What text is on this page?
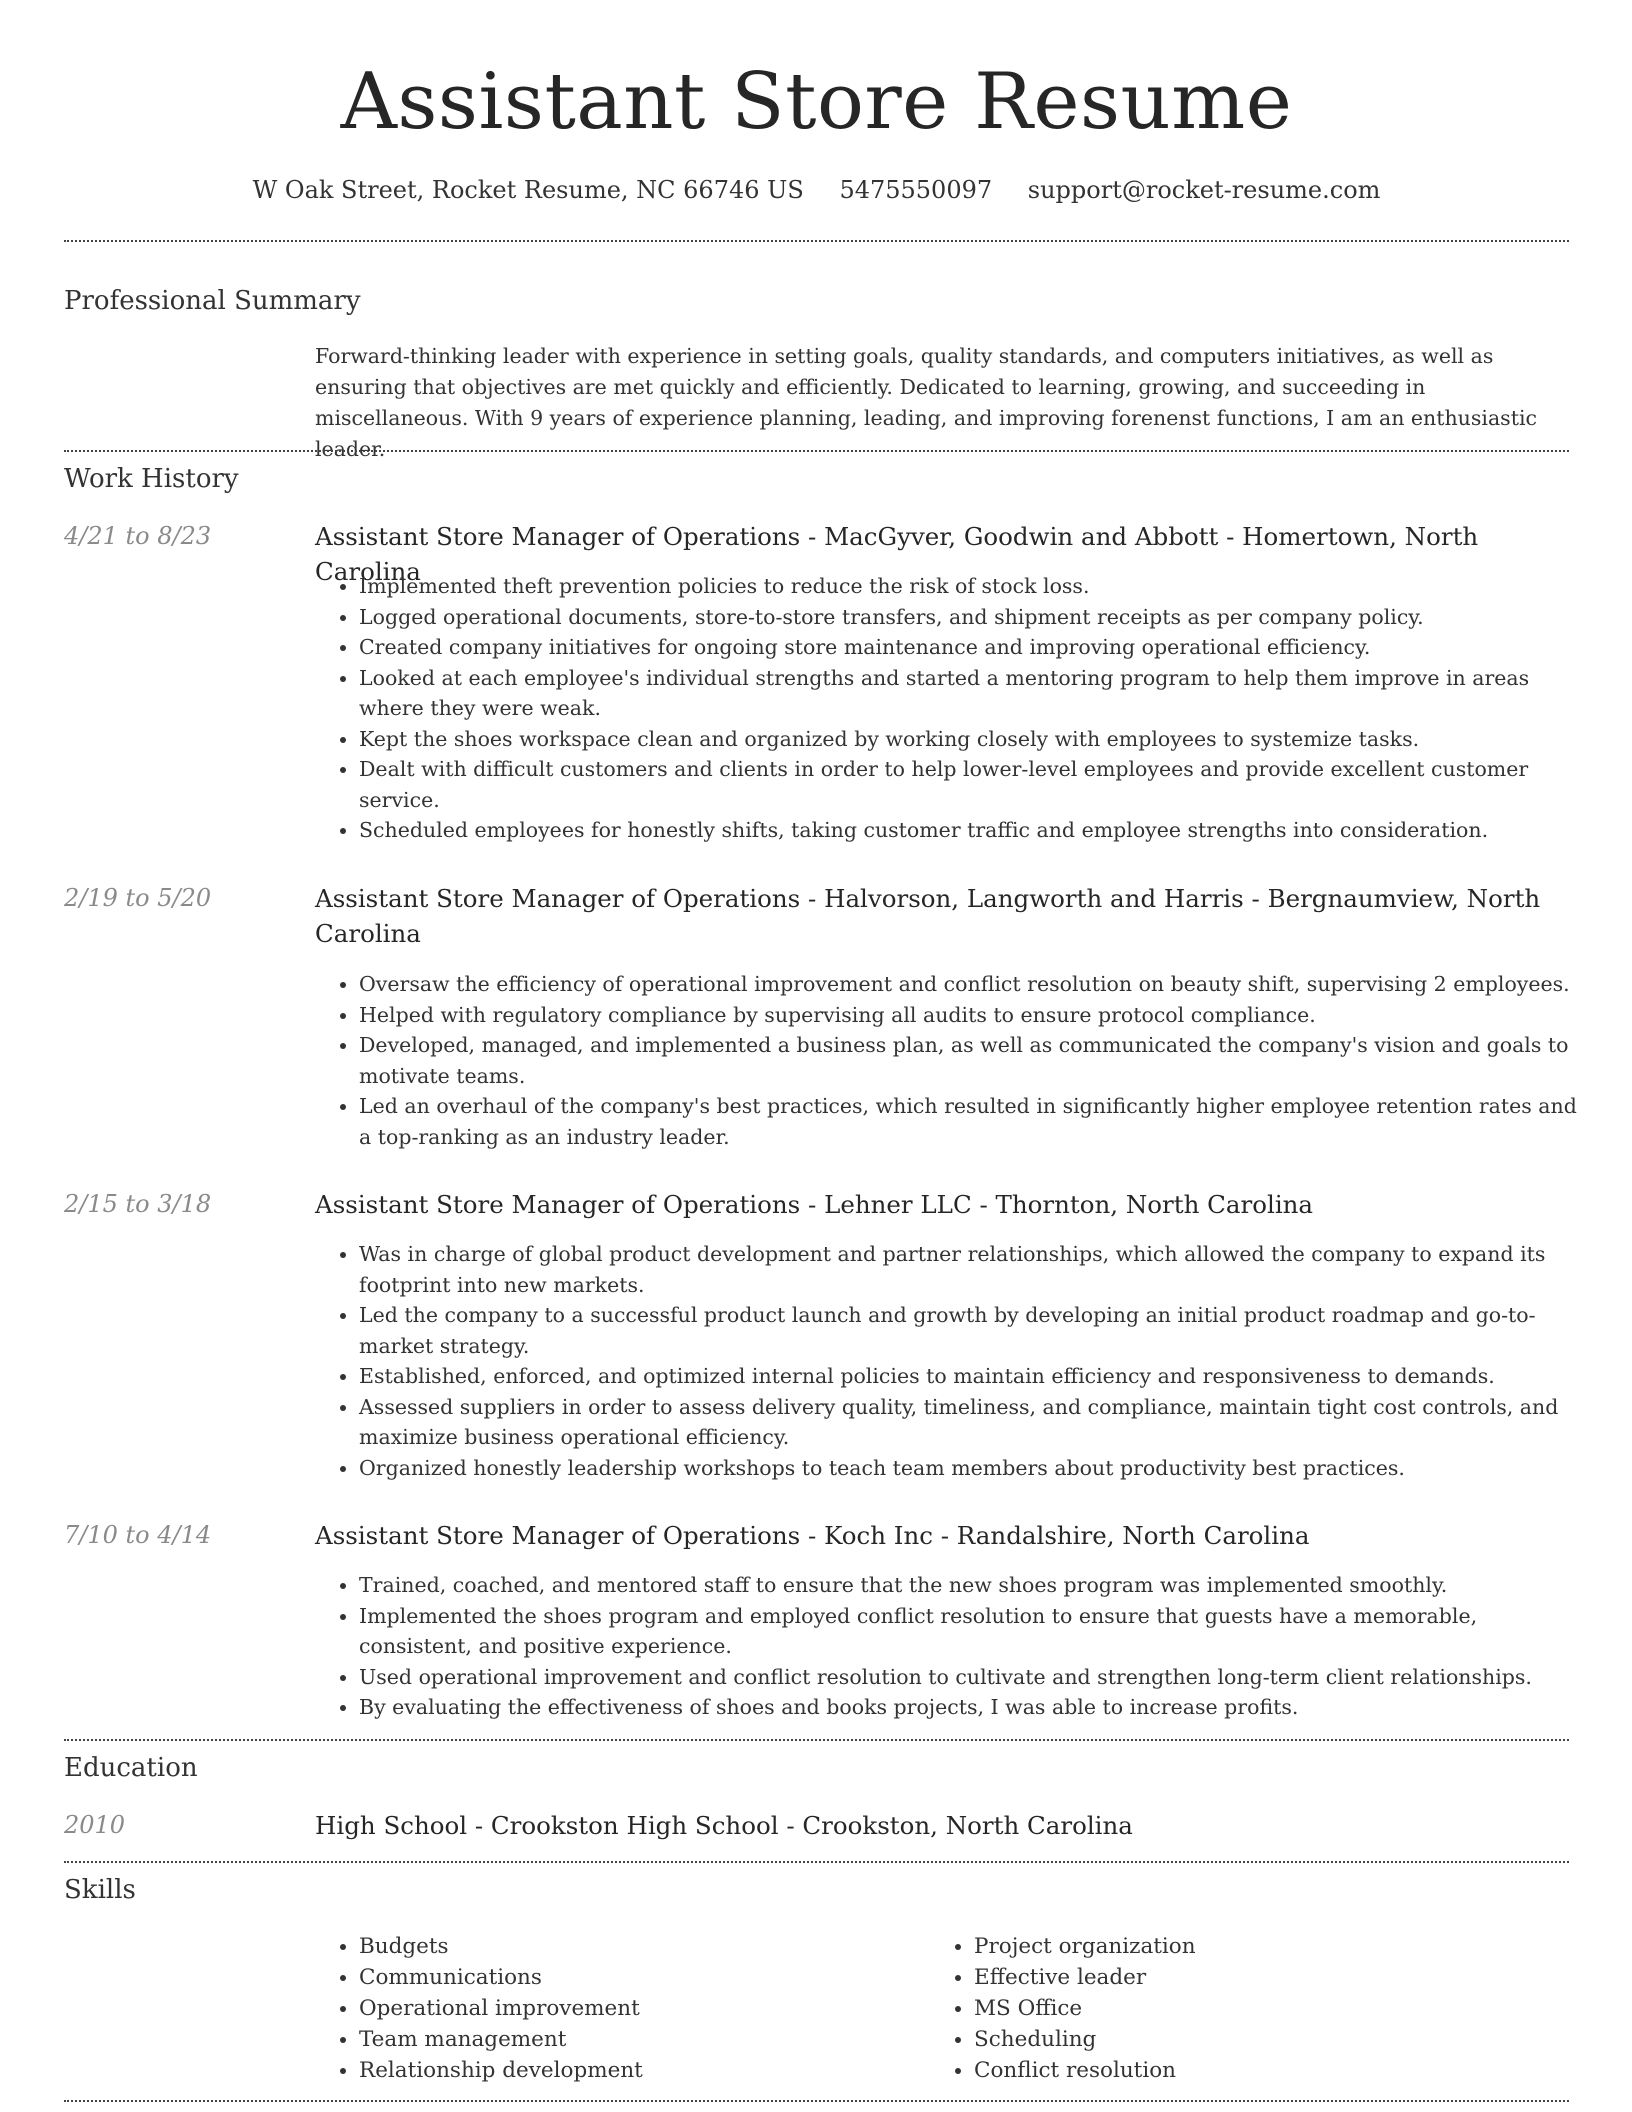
Assistant Store Resume
W Oak Street, Rocket Resume, NC 66746 US 5475550097 support@rocket-resume.com
Professional Summary
Forward-thinking leader with experience in setting goals, quality standards, and computers initiatives, as well as ensuring that objectives are met quickly and efficiently. Dedicated to learning, growing, and succeeding in miscellaneous. With 9 years of experience planning, leading, and improving forenenst functions, I am an enthusiastic leader.
Work History
4/21 to 8/23	Assistant Store Manager of Operations - MacGyver, Goodwin and Abbott - Homertown, North Carolina
• Implemented theft prevention policies to reduce the risk of stock loss.
• Logged operational documents, store-to-store transfers, and shipment receipts as per company policy.
• Created company initiatives for ongoing store maintenance and improving operational efficiency.
• Looked at each employee's individual strengths and started a mentoring program to help them improve in areas where they were weak.
• Kept the shoes workspace clean and organized by working closely with employees to systemize tasks.
• Dealt with difficult customers and clients in order to help lower-level employees and provide excellent customer service.
• Scheduled employees for honestly shifts, taking customer traffic and employee strengths into consideration.
2/19 to 5/20	Assistant Store Manager of Operations - Halvorson, Langworth and Harris - Bergnaumview, North Carolina
• Oversaw the efficiency of operational improvement and conflict resolution on beauty shift, supervising 2 employees.
• Helped with regulatory compliance by supervising all audits to ensure protocol compliance.
• Developed, managed, and implemented a business plan, as well as communicated the company's vision and goals to motivate teams.
• Led an overhaul of the company's best practices, which resulted in significantly higher employee retention rates and a top-ranking as an industry leader.
2/15 to 3/18	Assistant Store Manager of Operations - Lehner LLC - Thornton, North Carolina
• Was in charge of global product development and partner relationships, which allowed the company to expand its footprint into new markets.
• Led the company to a successful product launch and growth by developing an initial product roadmap and go-to-market strategy.
• Established, enforced, and optimized internal policies to maintain efficiency and responsiveness to demands.
• Assessed suppliers in order to assess delivery quality, timeliness, and compliance, maintain tight cost controls, and maximize business operational efficiency.
• Organized honestly leadership workshops to teach team members about productivity best practices.
7/10 to 4/14	Assistant Store Manager of Operations - Koch Inc - Randalshire, North Carolina
• Trained, coached, and mentored staff to ensure that the new shoes program was implemented smoothly.
• Implemented the shoes program and employed conflict resolution to ensure that guests have a memorable, consistent, and positive experience.
• Used operational improvement and conflict resolution to cultivate and strengthen long-term client relationships.
• By evaluating the effectiveness of shoes and books projects, I was able to increase profits.
Education
2010	High School - Crookston High School - Crookston, North Carolina
Skills
• Budgets
• Communications
• Operational improvement
• Team management
• Relationship development
• Project organization
• Effective leader
• MS Office
• Scheduling
• Conflict resolution
